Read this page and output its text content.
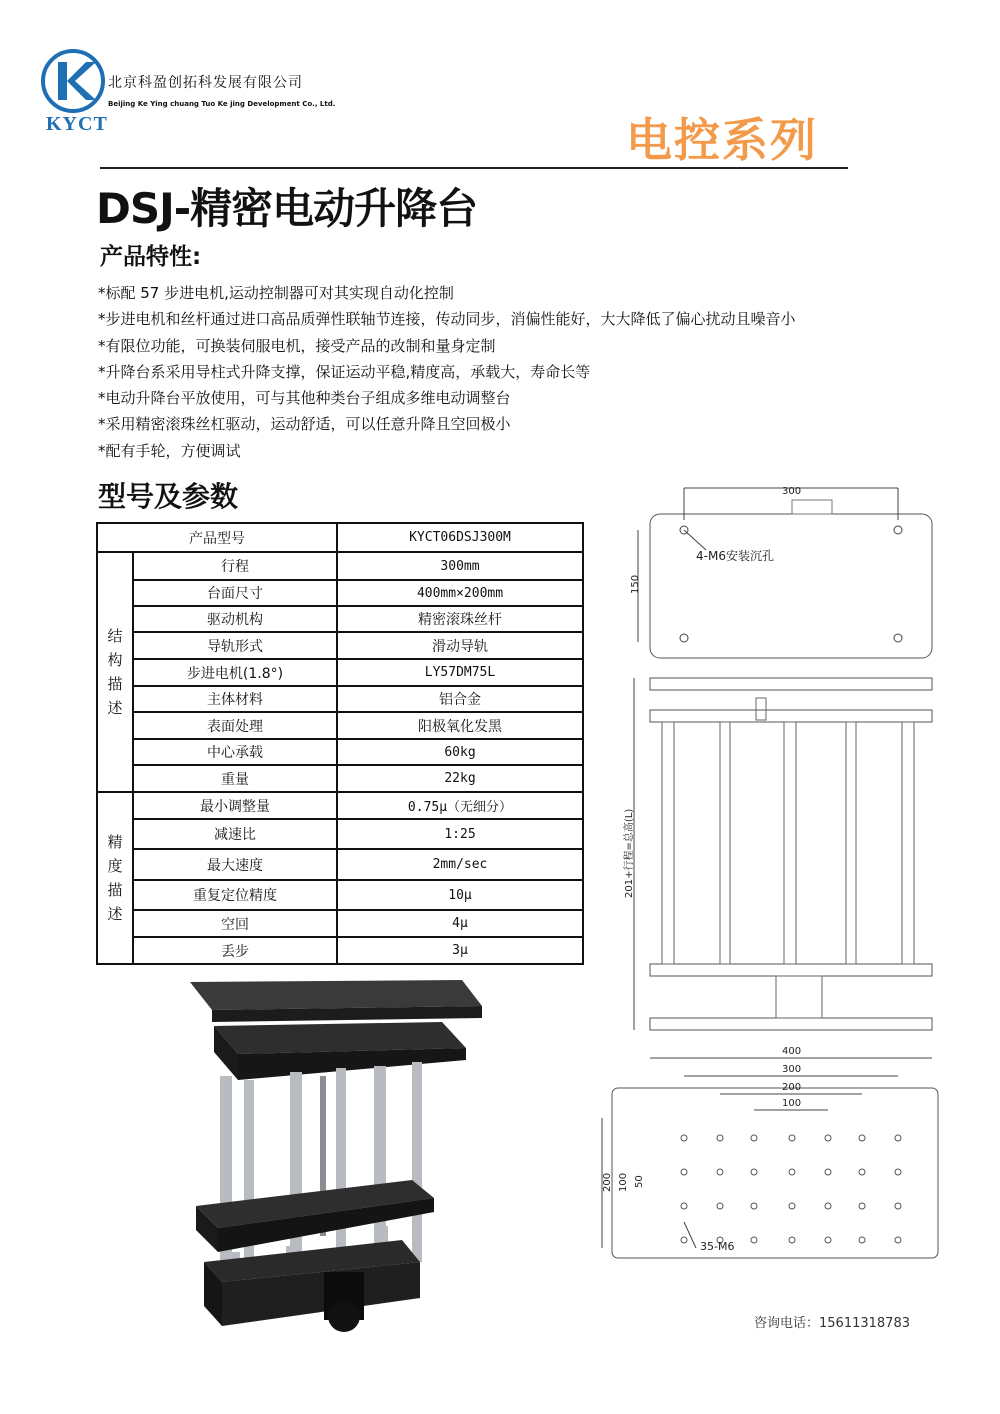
北京科盈创拓科发展有限公司
Beijing Ke Ying chuang Tuo Ke jing Development Co., Ltd.
KYCT	电控系列
DSJ-精密电动升降台
产品特性:
*标配 57 步进电机,运动控制器可对其实现自动化控制
*步进电机和丝杆通过进口高品质弹性联轴节连接，传动同步，消偏性能好，大大降低了偏心扰动且噪音小
*有限位功能，可换装伺服电机，接受产品的改制和量身定制
*升降台系采用导柱式升降支撑，保证运动平稳,精度高，承载大，寿命长等
*电动升降台平放使用，可与其他种类台子组成多维电动调整台
*采用精密滚珠丝杠驱动，运动舒适，可以任意升降且空回极小
*配有手轮，方便调试
型号及参数
产品型号		KYCT06DSJ300M
结构描述	行程	300mm
	台面尺寸	400mm×200mm
	驱动机构	精密滚珠丝杆
	导轨形式	滑动导轨
	步进电机(1.8°)	LY57DM75L
	主体材料	铝合金
	表面处理	阳极氧化发黑
	中心承载	60kg
	重量	22kg
精度描述	最小调整量	0.75μ（无细分）
	减速比	1:25
	最大速度	2mm/sec
	重复定位精度	10μ
	空回	4μ
	丢步	3μ
300
150
4-M6安装沉孔
201+行程=总高(L)
400
300
200
100
200 100 50
35-M6
咨询电话：15611318783
